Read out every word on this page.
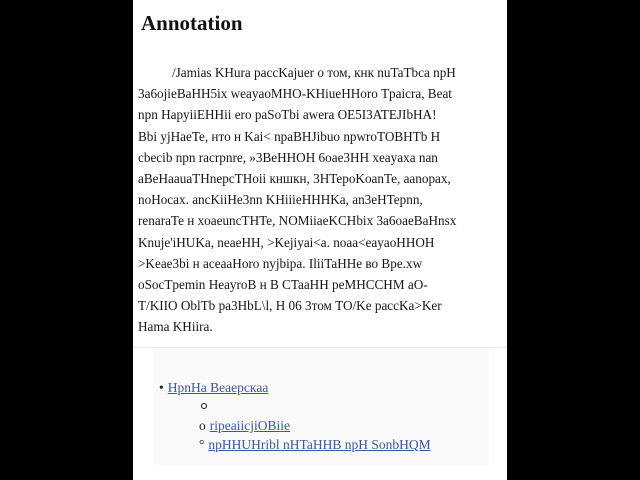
Annotation

/Jamias KHura paccKajuer o том, кнк nuTaTbca npH
3a6ojieBaHH5ix weayaoMHO-KHiueHHoro Tpaicra, Beat
npn HapyiiEHHii ero paSoTbi awera OE5I3ATEJIbHA!
Bbi yjHaeTe, нто н Kai< npaBHJibuo npwroTOBHTb H
cbecib npn racrpnre, »3BeHHOH 6oae3HH xeayaxa nan
aBeHaauaTHnepcTHoii кншкн, 3HTepoKoanTe, aanopax,
noHocax. ancKiiHe3nn KHiiieHHHKa, an3eHTepnn,
renaraTe н xoaeuncTHTe, NOMiiaeKCHbix 3a6oaeBaHnsx
Knuje'iHUKa, neaeHH, >Kejiyai<a. noaa<eayaoHHOH
>Keae3bi н aceaaHoro nyjbipa. IliiTaHHe во Bpe.xw
oSocTpemin HeayroB н B CTaaHH peMHCCHM aO-
T/KIIO OblTb pa3HbL\l, H 06 3том TO/Ke paccKa>Ker
Hama KHiira.

• HpnHa Beaepcкaa
o ripeaiicjiOBiie
° npHHUHribl nHTaHHB npH SonbHQM
